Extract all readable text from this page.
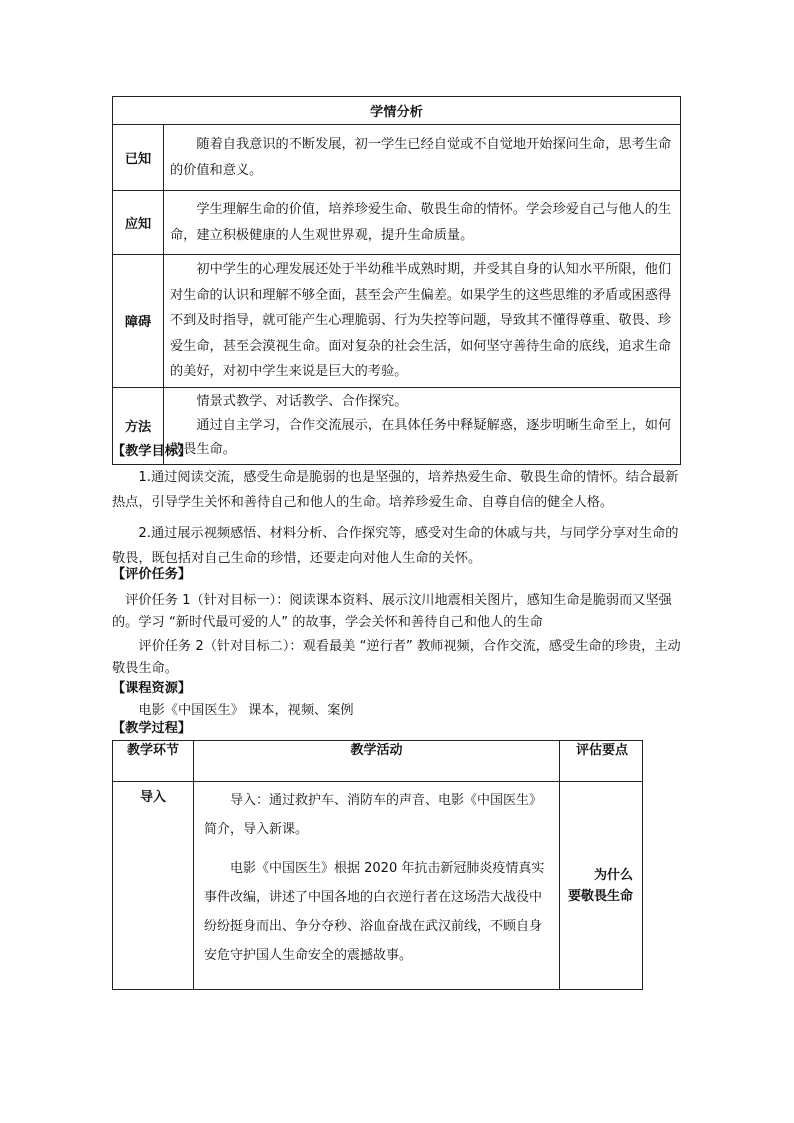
学情分析	
已知	随着自我意识的不断发展，初一学生已经自觉或不自觉地开始探问生命，思考生命的价值和意义。

应知	学生理解生命的价值，培养珍爱生命、敬畏生命的情怀。学会珍爱自己与他人的生命，建立积极健康的人生观世界观，提升生命质量。

障碍	初中学生的心理发展还处于半幼稚半成熟时期，并受其自身的认知水平所限，他们对生命的认识和理解不够全面，甚至会产生偏差。如果学生的这些思维的矛盾或困惑得不到及时指导，就可能产生心理脆弱、行为失控等问题，导致其不懂得尊重、敬畏、珍爱生命，甚至会漠视生命。面对复杂的社会生活，如何坚守善待生命的底线，追求生命的美好，对初中学生来说是巨大的考验。

方法	情景式教学、对话教学、合作探究。
通过自主学习，合作交流展示，在具体任务中释疑解惑，逐步明晰生命至上，如何敬畏生命。
【教学目标】
1.通过阅读交流，感受生命是脆弱的也是坚强的，培养热爱生命、敬畏生命的情怀。结合最新热点，引导学生关怀和善待自己和他人的生命。培养珍爱生命、自尊自信的健全人格。
2.通过展示视频感悟、材料分析、合作探究等，感受对生命的休戚与共，与同学分享对生命的敬畏，既包括对自己生命的珍惜，还要走向对他人生命的关怀。
【评价任务】
评价任务 1（针对目标一）：阅读课本资料、展示汶川地震相关图片，感知生命是脆弱而又坚强的。学习 “新时代最可爱的人” 的故事，学会关怀和善待自己和他人的生命
评价任务 2（针对目标二）：观看最美 “逆行者” 教师视频，合作交流，感受生命的珍贵，主动敬畏生命。
【课程资源】
电影《中国医生》 课本，视频、案例
【教学过程】
教学环节	教学活动	评估要点
导入	导入：通过救护车、消防车的声音、电影《中国医生》简介，导入新课。

电影《中国医生》根据 2020 年抗击新冠肺炎疫情真实事件改编，讲述了中国各地的白衣逆行者在这场浩大战役中纷纷挺身而出、争分夺秒、浴血奋战在武汉前线，不顾自身安危守护国人生命安全的震撼故事。	为什么要敬畏生命
